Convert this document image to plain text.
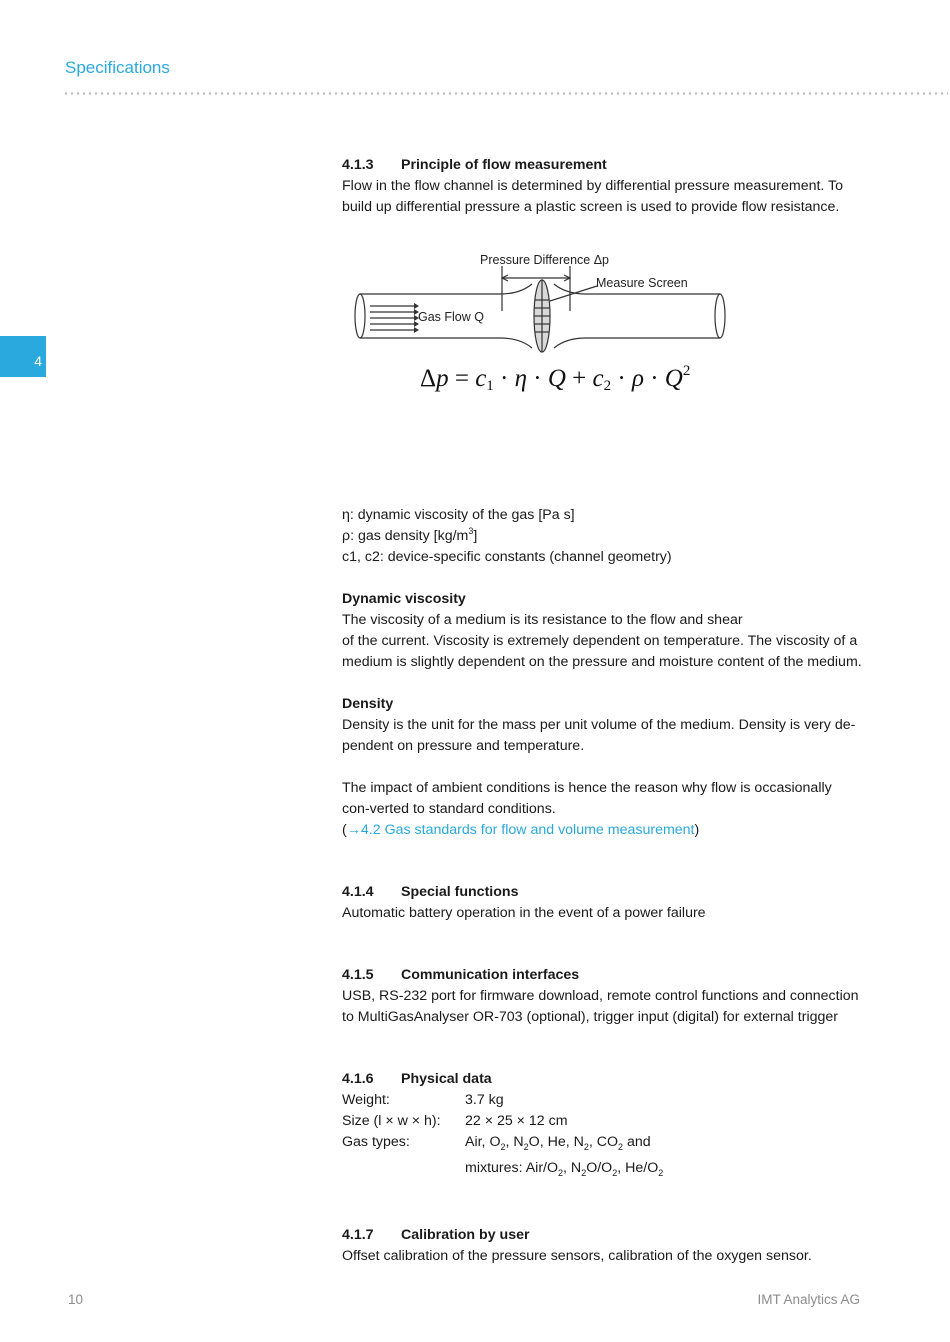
Specifications
4
4.1.3	Principle of flow measurement

Flow in the flow channel is determined by differential pressure measurement. To build up differential pressure a plastic screen is used to provide flow resistance.

Pressure Difference Δp
Measure Screen
Gas Flow Q
$\Delta p = c_1 \cdot \eta \cdot Q + c_2 \cdot \rho \cdot Q^2$

η: dynamic viscosity of the gas [Pa s]

ρ: gas density $[kg/m^3]$

c1, c2: device-specific constants (channel geometry)

Dynamic viscosity

The viscosity of a medium is its resistance to the flow and shear

of the current. Viscosity is extremely dependent on temperature. The viscosity of a medium is slightly dependent on the pressure and moisture content of the medium.

Density

Density is the unit for the mass per unit volume of the medium. Density is very de-pendent on pressure and temperature.

The impact of ambient conditions is hence the reason why flow is occasionally con-verted to standard conditions.

(→4.2 Gas standards for flow and volume measurement)

4.1.4	Special functions

Automatic battery operation in the event of a power failure

4.1.5	Communication interfaces

USB, RS-232 port for firmware download, remote control functions and connection to MultiGasAnalyser OR-703 (optional), trigger input (digital) for external trigger

4.1.6	Physical data
Weight:	3.7 kg
Size (l × w × h):	22 × 25 × 12 cm
Gas types:	Air, $O_2$, $N_2O$, He, $N_2$, $CO_2$ and
mixtures: Air/$O_2$, $N_2O/O_2$, $He/O_2$
4.1.7	Calibration by user

Offset calibration of the pressure sensors, calibration of the oxygen sensor.

10	IMT Analytics AG
